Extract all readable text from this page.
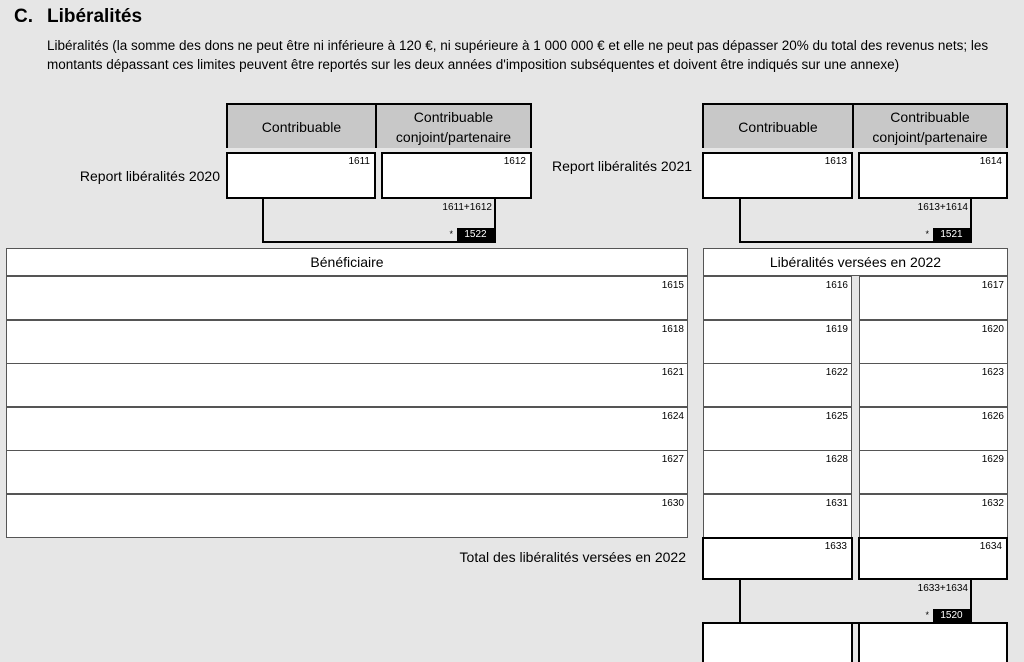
C. Libéralités
Libéralités (la somme des dons ne peut être ni inférieure à 120 €, ni supérieure à 1 000 000 € et elle ne peut pas dépasser 20% du total des revenus nets; les montants dépassant ces limites peuvent être reportés sur les deux années d'imposition subséquentes et doivent être indiqués sur une annexe)
Contribuable
Contribuable conjoint/partenaire
Contribuable
Contribuable conjoint/partenaire
Report libéralités 2020
1611	1612
1611+1612
*	1522
Report libéralités 2021	1613	1614
1613+1614
*	1521
Bénéficiaire	Libéralités versées en 2022
1615	1616	1617
1618	1619	1620
1621	1622	1623
1624	1625	1626
1627	1628	1629
1630	1631	1632
Total des libéralités versées en 2022
1633	1634
1633+1634
*	1520
